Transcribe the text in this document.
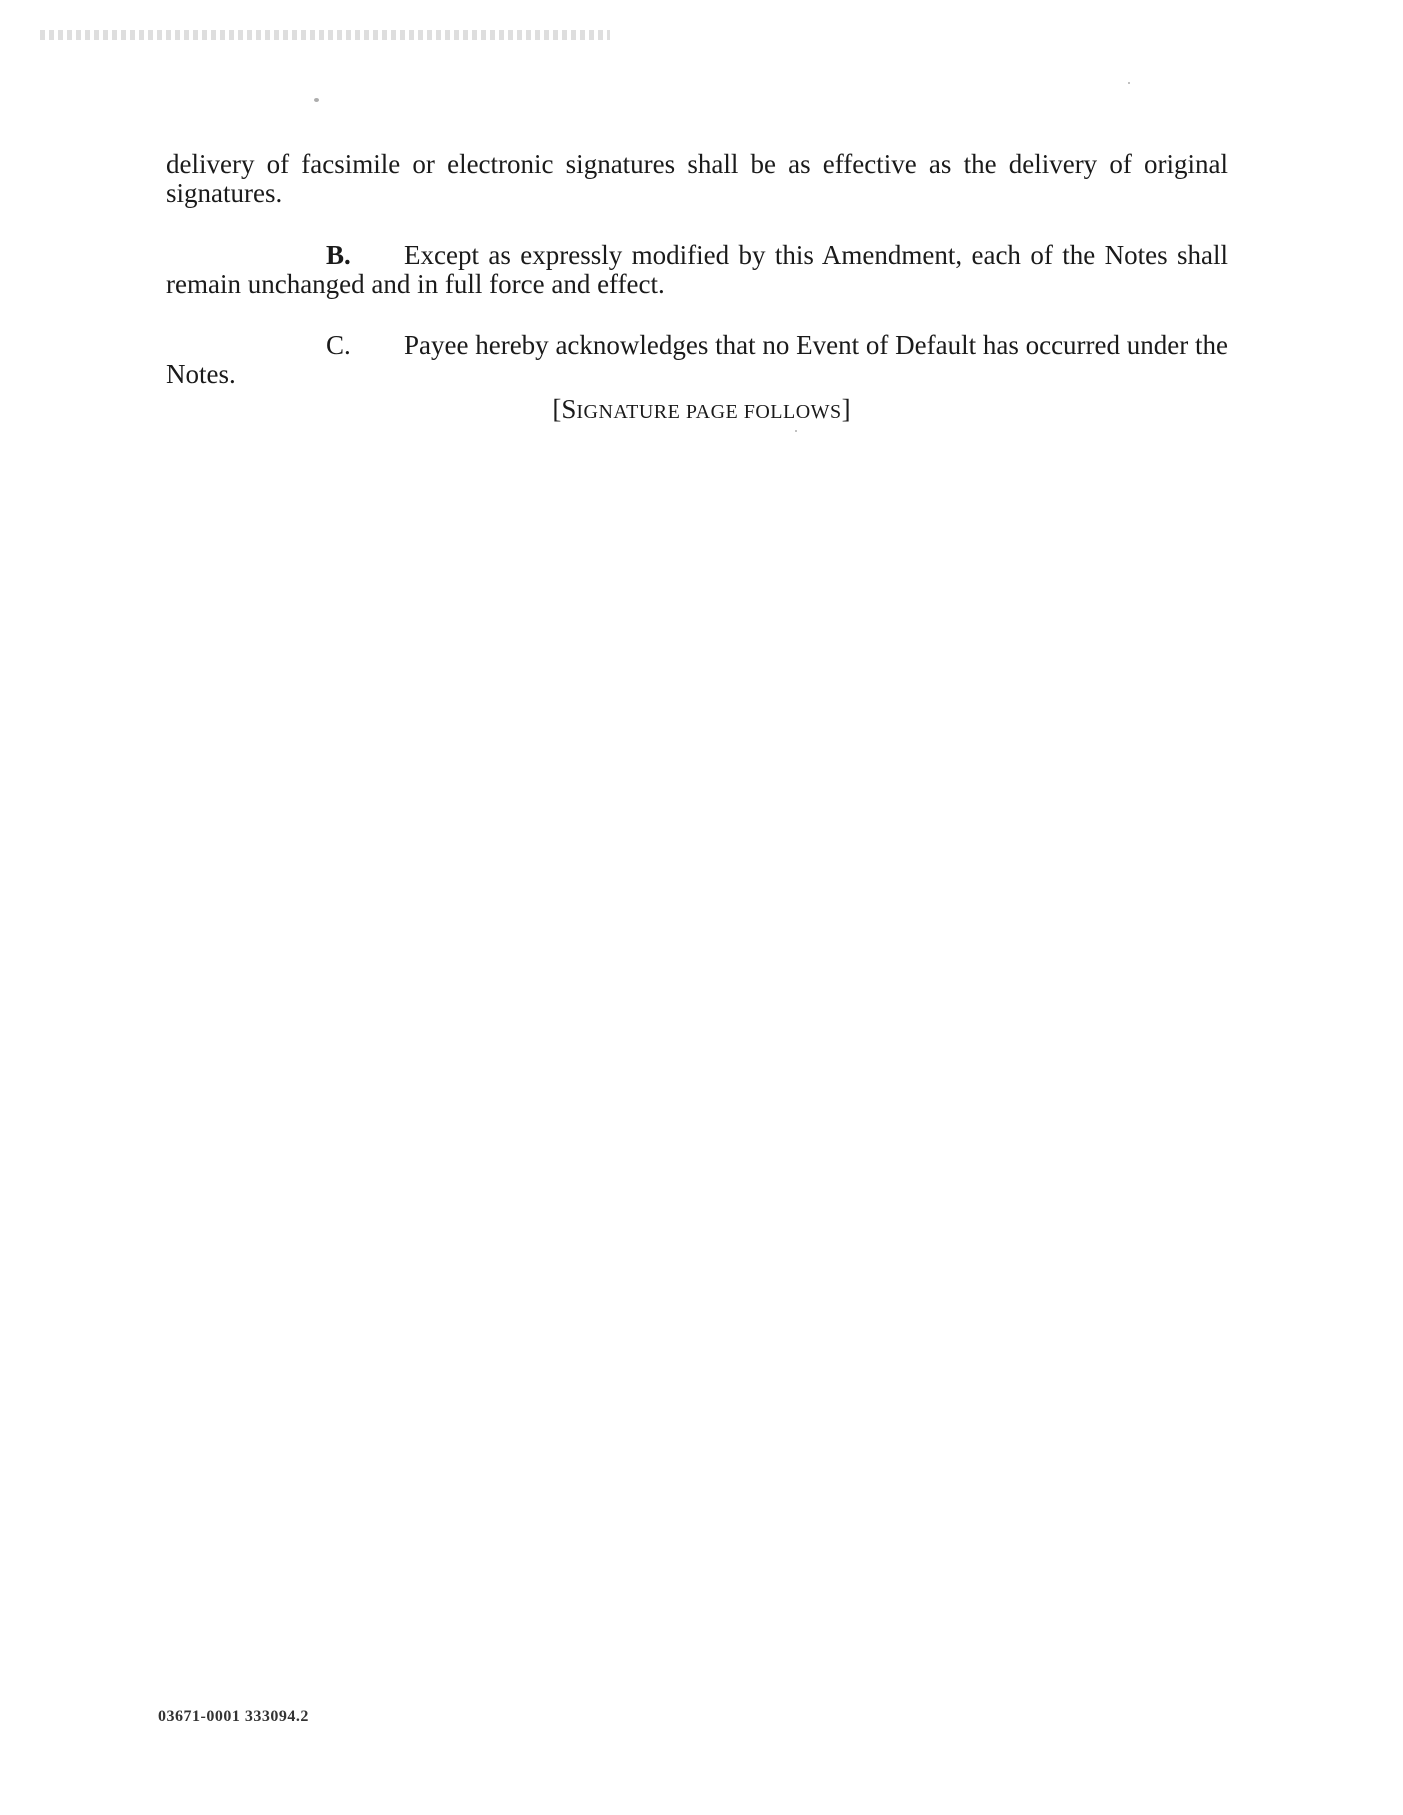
delivery of facsimile or electronic signatures shall be as effective as the delivery of original signatures.

B. Except as expressly modified by this Amendment, each of the Notes shall remain unchanged and in full force and effect.

C. Payee hereby acknowledges that no Event of Default has occurred under the Notes.

[SIGNATURE PAGE FOLLOWS]
03671-0001 333094.2
